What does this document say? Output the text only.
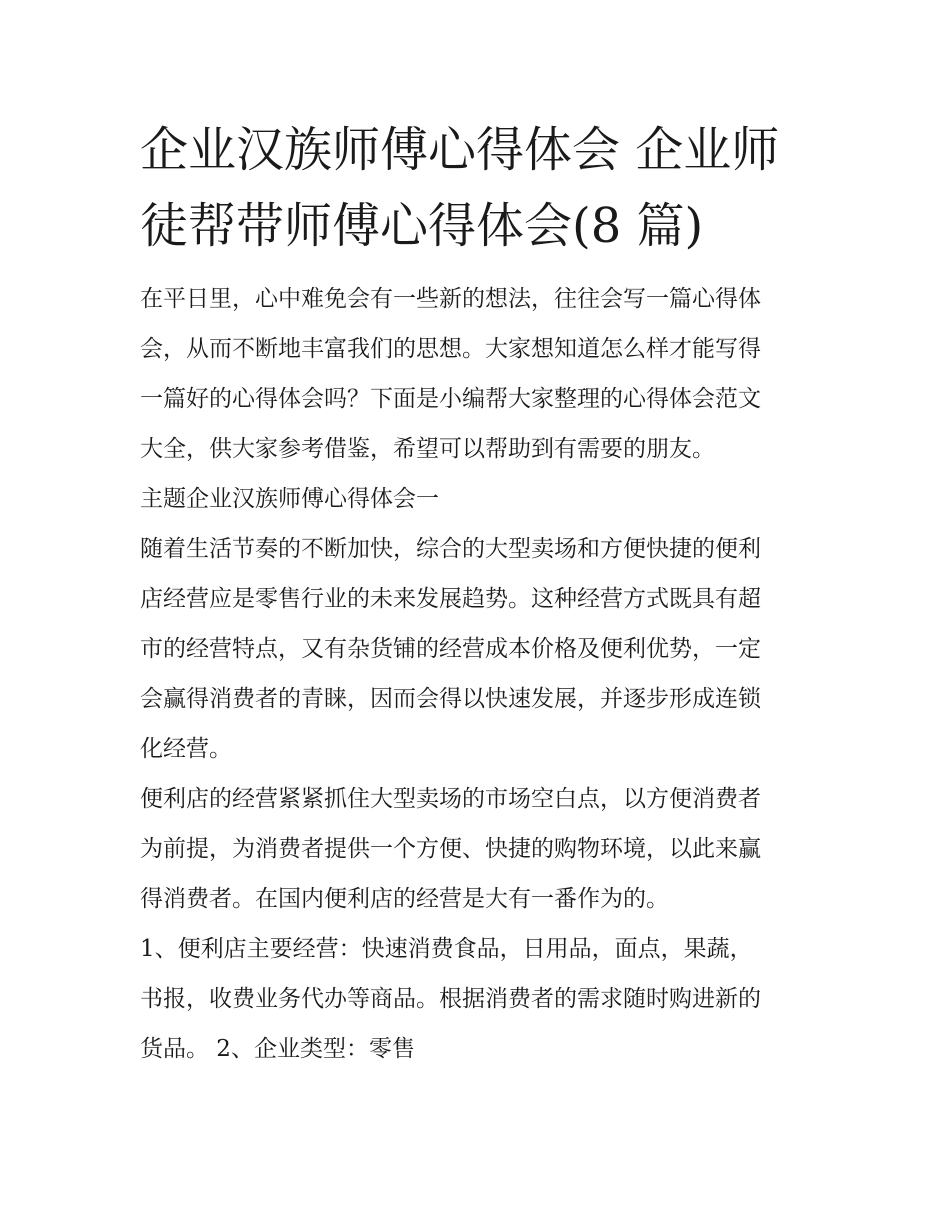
企业汉族师傅心得体会 企业师
徒帮带师傅心得体会(8 篇)

在平日里，心中难免会有一些新的想法，往往会写一篇心得体
会，从而不断地丰富我们的思想。大家想知道怎么样才能写得
一篇好的心得体会吗？下面是小编帮大家整理的心得体会范文
大全，供大家参考借鉴，希望可以帮助到有需要的朋友。

主题企业汉族师傅心得体会一

随着生活节奏的不断加快，综合的大型卖场和方便快捷的便利
店经营应是零售行业的未来发展趋势。这种经营方式既具有超
市的经营特点，又有杂货铺的经营成本价格及便利优势，一定
会赢得消费者的青睐，因而会得以快速发展，并逐步形成连锁
化经营。

便利店的经营紧紧抓住大型卖场的市场空白点，以方便消费者
为前提，为消费者提供一个方便、快捷的购物环境，以此来赢
得消费者。在国内便利店的经营是大有一番作为的。

1、便利店主要经营：快速消费食品，日用品，面点，果蔬，
书报，收费业务代办等商品。根据消费者的需求随时购进新的
货品。 2、企业类型：零售
